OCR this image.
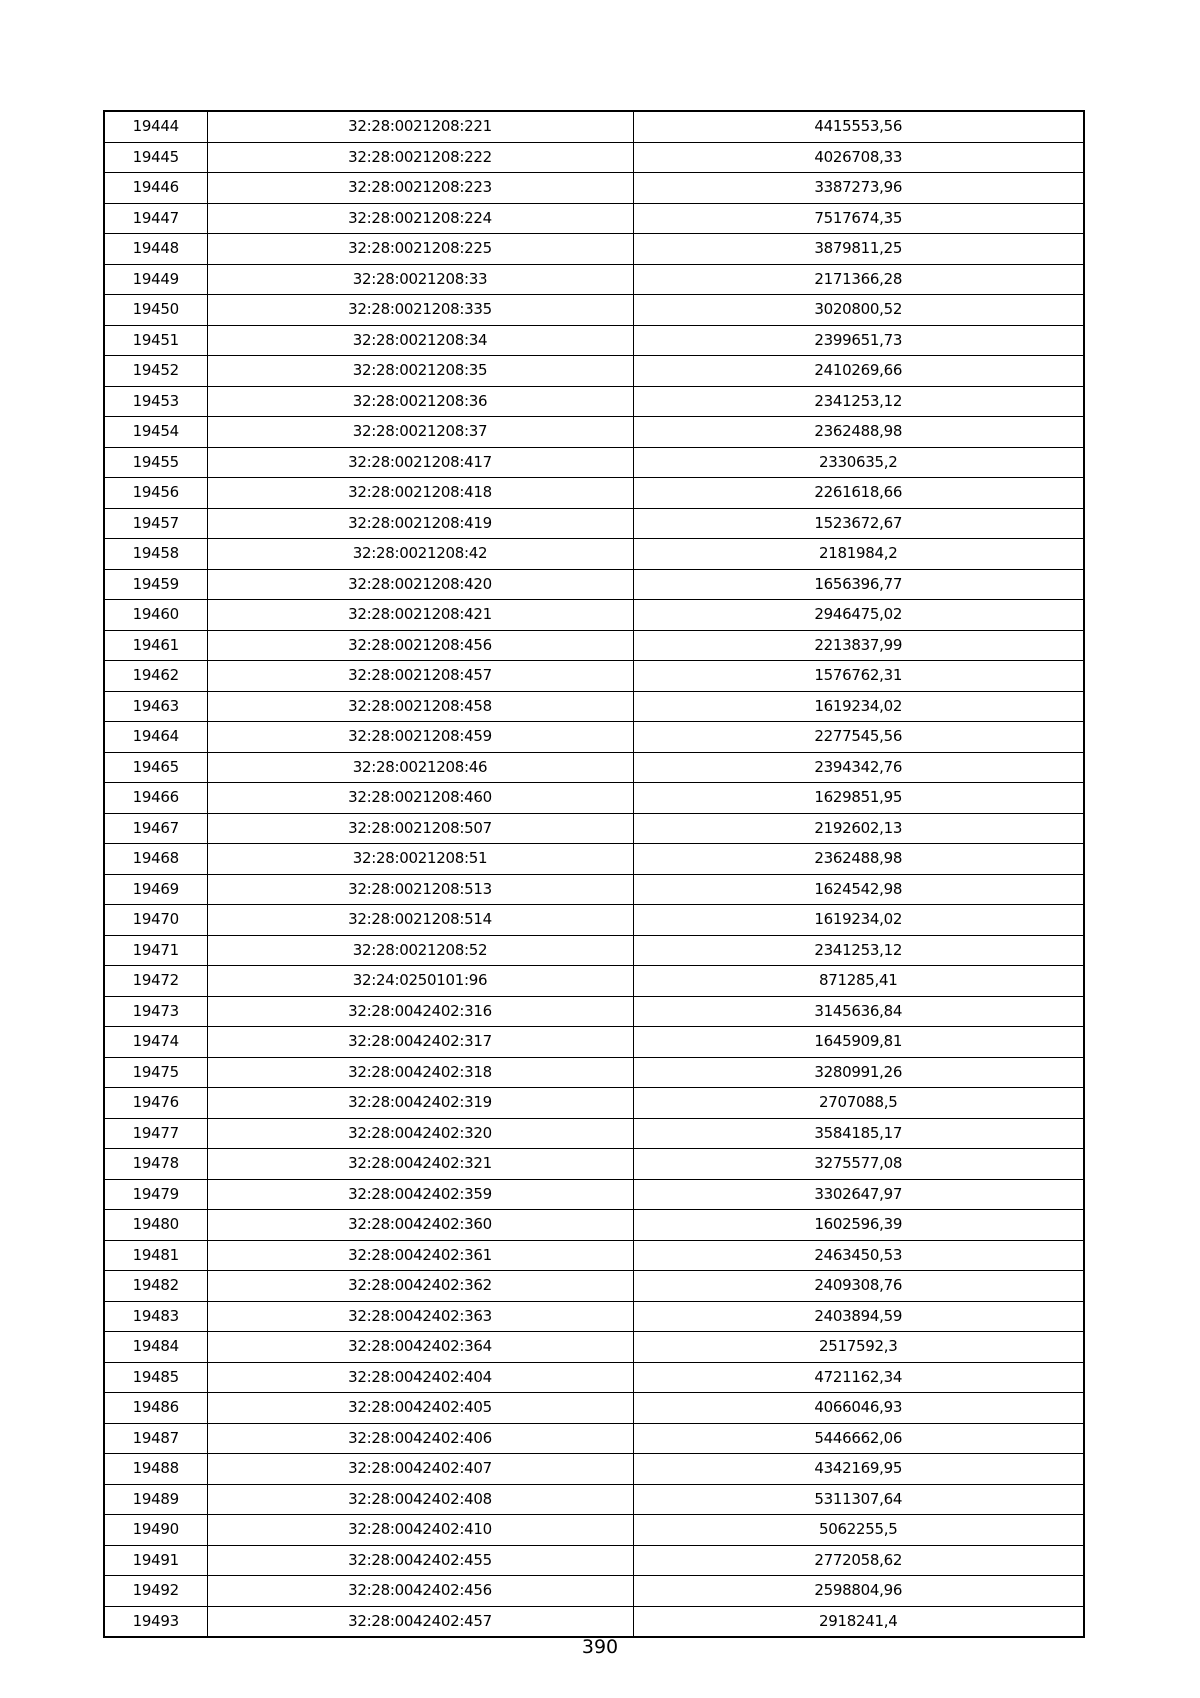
19444	32:28:0021208:221	4415553,56
19445	32:28:0021208:222	4026708,33
19446	32:28:0021208:223	3387273,96
19447	32:28:0021208:224	7517674,35
19448	32:28:0021208:225	3879811,25
19449	32:28:0021208:33	2171366,28
19450	32:28:0021208:335	3020800,52
19451	32:28:0021208:34	2399651,73
19452	32:28:0021208:35	2410269,66
19453	32:28:0021208:36	2341253,12
19454	32:28:0021208:37	2362488,98
19455	32:28:0021208:417	2330635,2
19456	32:28:0021208:418	2261618,66
19457	32:28:0021208:419	1523672,67
19458	32:28:0021208:42	2181984,2
19459	32:28:0021208:420	1656396,77
19460	32:28:0021208:421	2946475,02
19461	32:28:0021208:456	2213837,99
19462	32:28:0021208:457	1576762,31
19463	32:28:0021208:458	1619234,02
19464	32:28:0021208:459	2277545,56
19465	32:28:0021208:46	2394342,76
19466	32:28:0021208:460	1629851,95
19467	32:28:0021208:507	2192602,13
19468	32:28:0021208:51	2362488,98
19469	32:28:0021208:513	1624542,98
19470	32:28:0021208:514	1619234,02
19471	32:28:0021208:52	2341253,12
19472	32:24:0250101:96	871285,41
19473	32:28:0042402:316	3145636,84
19474	32:28:0042402:317	1645909,81
19475	32:28:0042402:318	3280991,26
19476	32:28:0042402:319	2707088,5
19477	32:28:0042402:320	3584185,17
19478	32:28:0042402:321	3275577,08
19479	32:28:0042402:359	3302647,97
19480	32:28:0042402:360	1602596,39
19481	32:28:0042402:361	2463450,53
19482	32:28:0042402:362	2409308,76
19483	32:28:0042402:363	2403894,59
19484	32:28:0042402:364	2517592,3
19485	32:28:0042402:404	4721162,34
19486	32:28:0042402:405	4066046,93
19487	32:28:0042402:406	5446662,06
19488	32:28:0042402:407	4342169,95
19489	32:28:0042402:408	5311307,64
19490	32:28:0042402:410	5062255,5
19491	32:28:0042402:455	2772058,62
19492	32:28:0042402:456	2598804,96
19493	32:28:0042402:457	2918241,4
390
